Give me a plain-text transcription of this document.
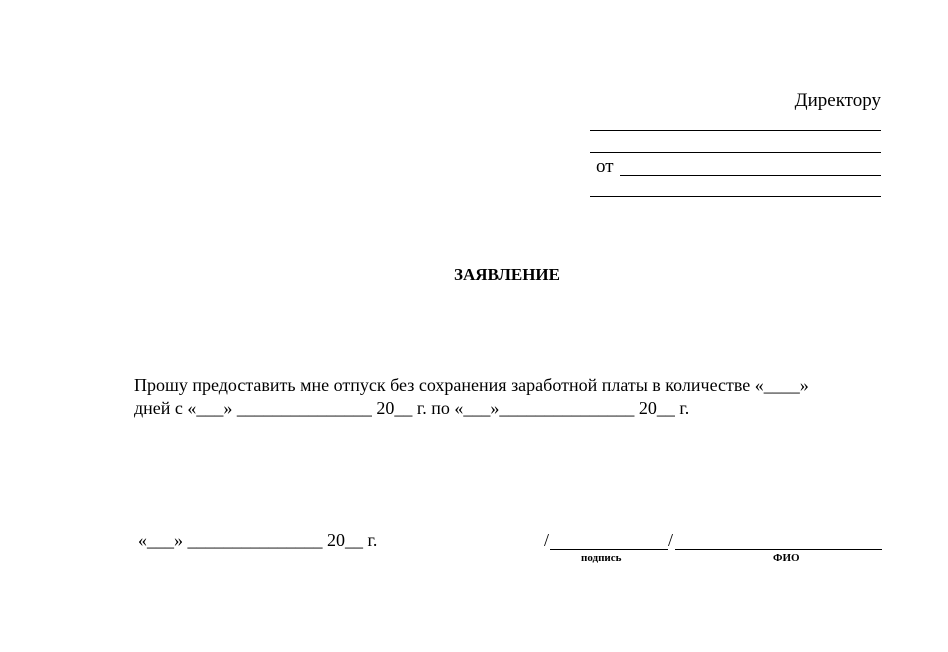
Директору
от
ЗАЯВЛЕНИЕ
Прошу предоставить мне отпуск без сохранения заработной платы в количестве «____»
дней с «___» _______________ 20__ г. по «___»_______________ 20__ г.
«___» _______________ 20__ г.	/	/
подпись	ФИО
